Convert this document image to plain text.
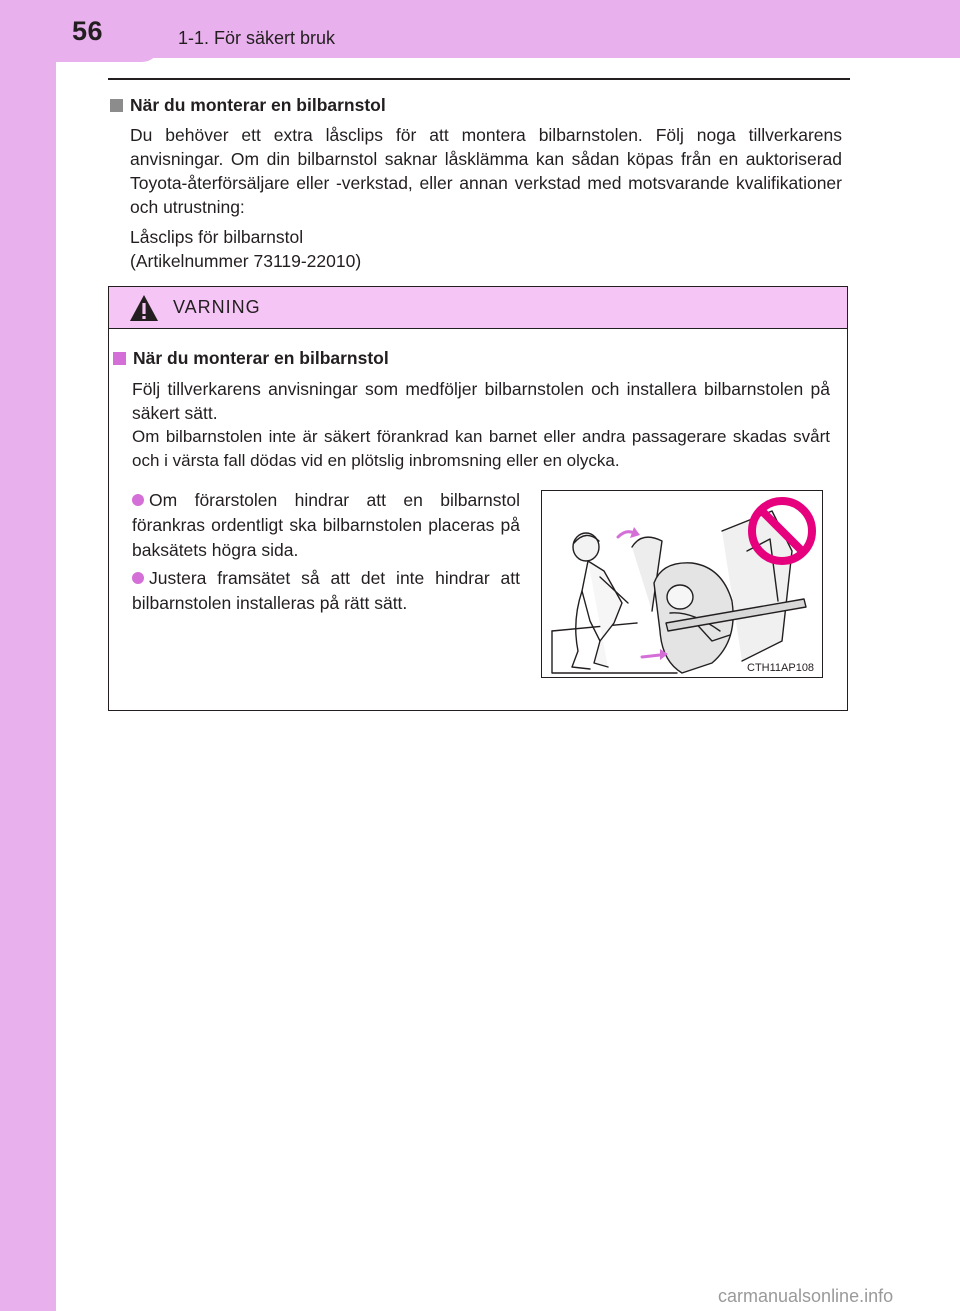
56	1-1. För säkert bruk
När du monterar en bilbarnstol
Du behöver ett extra låsclips för att montera bilbarnstolen. Följ noga tillverkarens anvisningar. Om din bilbarnstol saknar låsklämma kan sådan köpas från en auktoriserad Toyota-återförsäljare eller -verkstad, eller annan verkstad med motsvarande kvalifikationer och utrustning:
Låsclips för bilbarnstol
(Artikelnummer 73119-22010)
VARNING
När du monterar en bilbarnstol
Följ tillverkarens anvisningar som medföljer bilbarnstolen och installera bilbarnstolen på säkert sätt.
Om bilbarnstolen inte är säkert förankrad kan barnet eller andra passagerare skadas svårt och i värsta fall dödas vid en plötslig inbromsning eller en olycka.
Om förarstolen hindrar att en bilbarnstol förankras ordentligt ska bilbarnstolen placeras på baksätets högra sida.
Justera framsätet så att det inte hindrar att bilbarnstolen installeras på rätt sätt.
CTH11AP108
carmanualsonline.info
